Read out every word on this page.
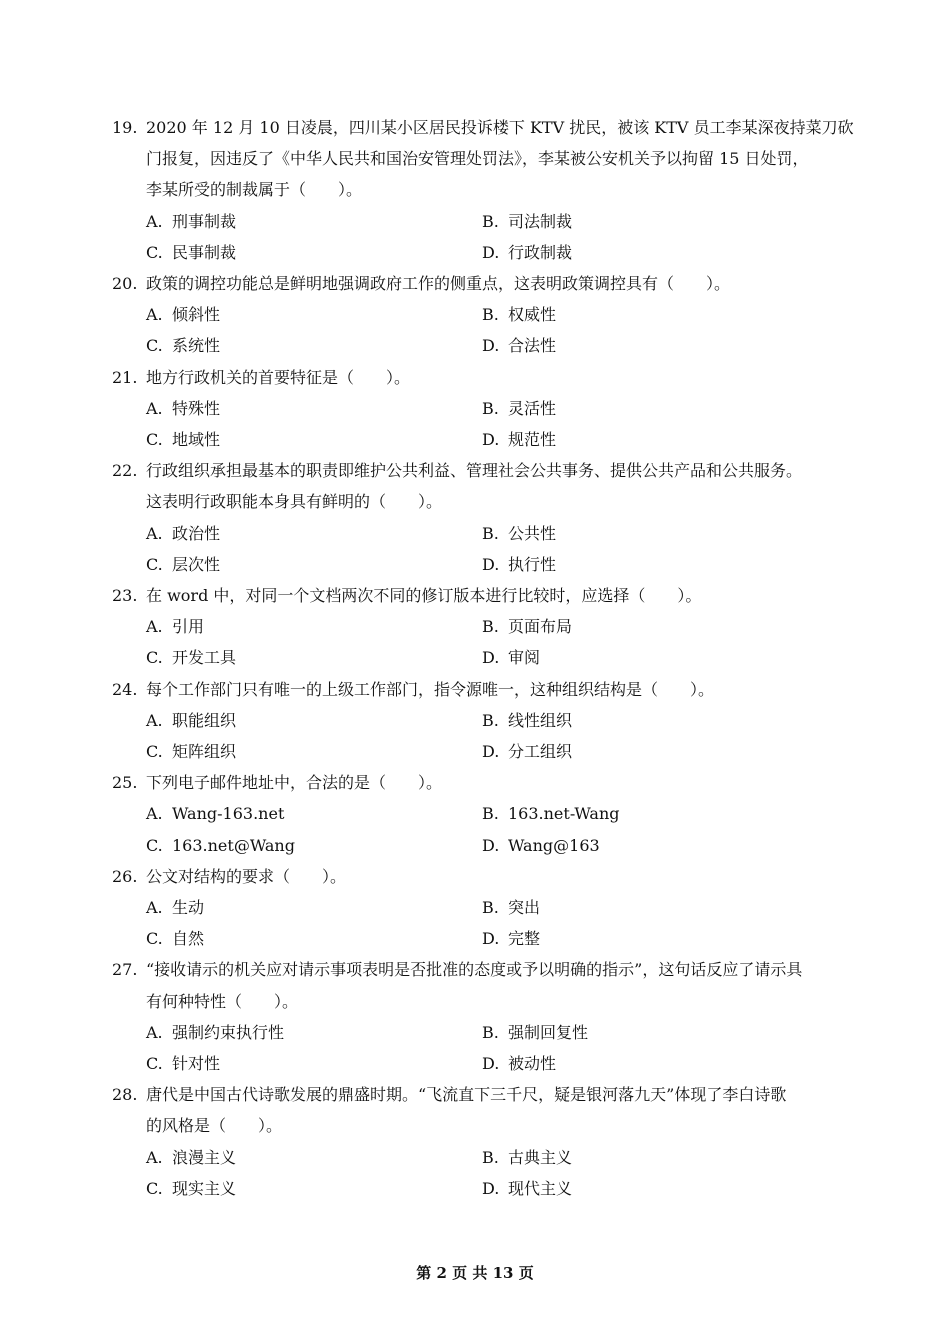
19. 2020 年 12 月 10 日凌晨，四川某小区居民投诉楼下 KTV 扰民，被该 KTV 员工李某深夜持菜刀砍
门报复，因违反了《中华人民共和国治安管理处罚法》，李某被公安机关予以拘留 15 日处罚，
李某所受的制裁属于（　　）。
A. 刑事制裁	B. 司法制裁
C. 民事制裁	D. 行政制裁
20. 政策的调控功能总是鲜明地强调政府工作的侧重点，这表明政策调控具有（　　）。
A. 倾斜性	B. 权威性
C. 系统性	D. 合法性
21. 地方行政机关的首要特征是（　　）。
A. 特殊性	B. 灵活性
C. 地域性	D. 规范性
22. 行政组织承担最基本的职责即维护公共利益、管理社会公共事务、提供公共产品和公共服务。
这表明行政职能本身具有鲜明的（　　）。
A. 政治性	B. 公共性
C. 层次性	D. 执行性
23. 在 word 中，对同一个文档两次不同的修订版本进行比较时，应选择（　　）。
A. 引用	B. 页面布局
C. 开发工具	D. 审阅
24. 每个工作部门只有唯一的上级工作部门，指令源唯一，这种组织结构是（　　）。
A. 职能组织	B. 线性组织
C. 矩阵组织	D. 分工组织
25. 下列电子邮件地址中，合法的是（　　）。
A. Wang-163.net	B. 163.net-Wang
C. 163.net@Wang	D. Wang@163
26. 公文对结构的要求（　　）。
A. 生动	B. 突出
C. 自然	D. 完整
27. “接收请示的机关应对请示事项表明是否批准的态度或予以明确的指示”，这句话反应了请示具
有何种特性（　　）。
A. 强制约束执行性	B. 强制回复性
C. 针对性	D. 被动性
28. 唐代是中国古代诗歌发展的鼎盛时期。“飞流直下三千尺，疑是银河落九天”体现了李白诗歌
的风格是（　　）。
A. 浪漫主义	B. 古典主义
C. 现实主义	D. 现代主义
第 2 页 共 13 页
